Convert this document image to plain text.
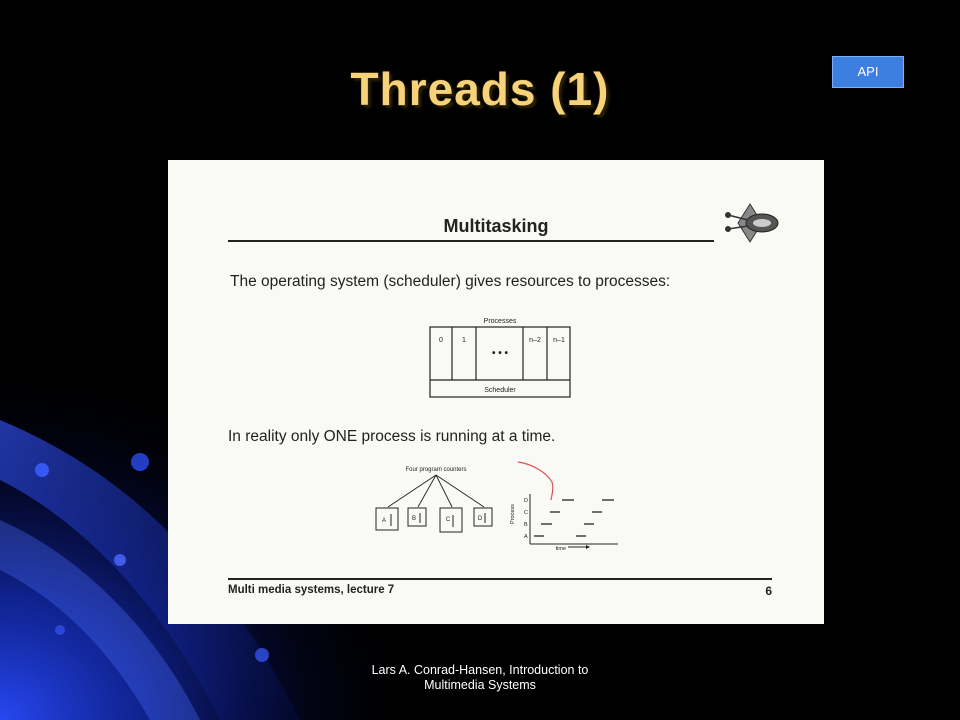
Threads (1)	API
Multitasking
The operating system (scheduler) gives resources to processes:
Processes
0	1
• • •
n–2 n–1
Scheduler
In reality only ONE process is running at a time.
Four program counters
A	B	C	D	Process
D
C
B
A
time
Multi media systems, lecture 7	6
Lars A. Conrad-Hansen, Introduction to
Multimedia Systems
